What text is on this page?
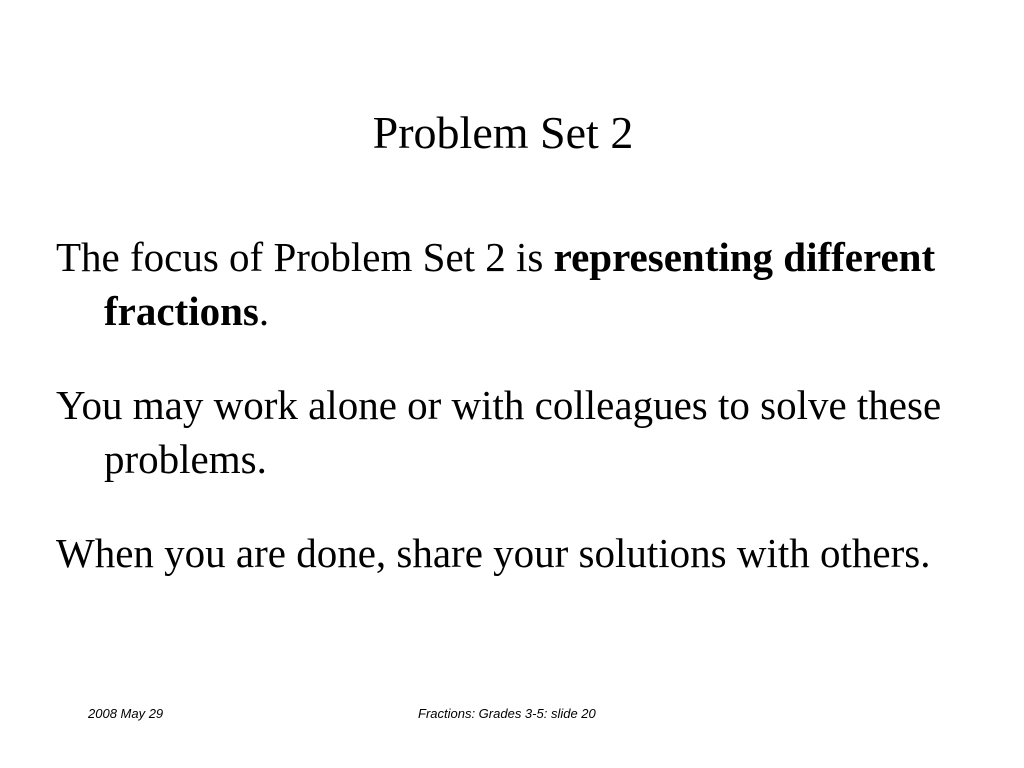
Problem Set 2
The focus of Problem Set 2 is representing different fractions.
You may work alone or with colleagues to solve these problems.
When you are done, share your solutions with others.
2008 May 29	Fractions: Grades 3-5: slide 20
